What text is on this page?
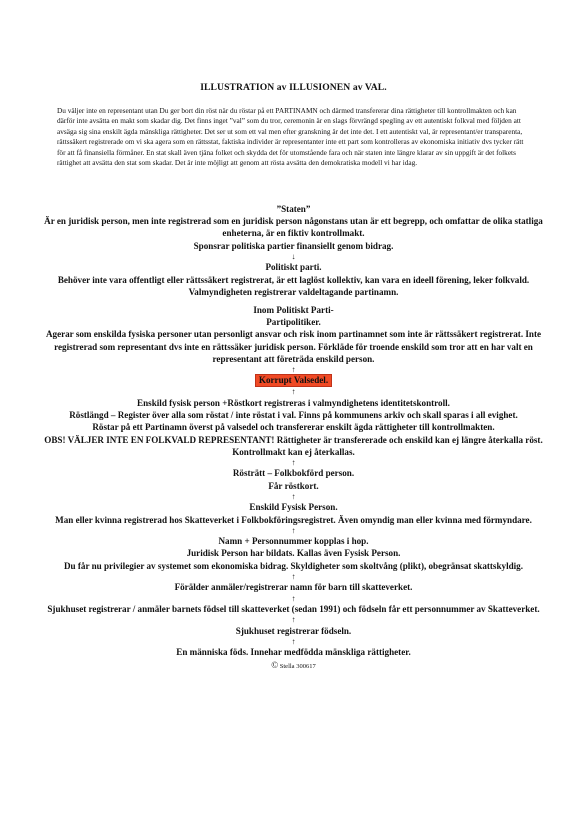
ILLUSTRATION av ILLUSIONEN av VAL.
Du väljer inte en representant utan Du ger bort din röst när du röstar på ett PARTINAMN och därmed transfererar dina rättigheter till kontrollmakten och kan därför inte avsätta en makt som skadar dig. Det finns inget ”val” som du tror, ceremonin är en slags förvrängd spegling av ett autentiskt folkval med följden att avsäga sig sina enskilt ägda mänskliga rättigheter. Det ser ut som ett val men efter granskning är det inte det. I ett autentiskt val, är representant/er transparenta, rättssäkert registrerade om vi ska agera som en rättsstat, faktiska individer är representanter inte ett part som kontrolleras av ekonomiska initiativ dvs tycker rätt för att få finansiella förmåner. En stat skall även tjäna folket och skydda det för utomstående fara och när staten inte längre klarar av sin uppgift är det folkets rättighet att avsätta den stat som skadar. Det är inte möjligt att genom att rösta avsätta den demokratiska modell vi har idag.

”Staten”

Är en juridisk person, men inte registrerad som en juridisk person någonstans utan är ett begrepp, och omfattar de olika statliga enheterna, är en fiktiv kontrollmakt.

Sponsrar politiska partier finansiellt genom bidrag.

↓

Politiskt parti.

Behöver inte vara offentligt eller rättssäkert registrerat, är ett laglöst kollektiv, kan vara en ideell förening, leker folkvald. Valmyndigheten registrerar valdeltagande partinamn.

Inom Politiskt Parti-

Partipolitiker.

Agerar som enskilda fysiska personer utan personligt ansvar och risk inom partinamnet som inte är rättssäkert registrerat. Inte registrerad som representant dvs inte en rättssäker juridisk person. Förkläde för troende enskild som tror att en har valt en representant att företräda enskild person.

↑

Korrupt Valsedel.

↑

Enskild fysisk person +Röstkort registreras i valmyndighetens identitetskontroll.

Röstlängd – Register över alla som röstat / inte röstat i val. Finns på kommunens arkiv och skall sparas i all evighet.

Röstar på ett Partinamn överst på valsedel och transfererar enskilt ägda rättigheter till kontrollmakten.

OBS! VÄLJER INTE EN FOLKVALD REPRESENTANT! Rättigheter är transfererade och enskild kan ej längre återkalla röst. Kontrollmakt kan ej återkallas.

↑

Rösträtt – Folkbokförd person.

Får röstkort.

↑

Enskild Fysisk Person.

Man eller kvinna registrerad hos Skatteverket i Folkbokföringsregistret. Även omyndig man eller kvinna med förmyndare.

↑

Namn + Personnummer kopplas i hop.

Juridisk Person har bildats. Kallas även Fysisk Person.

Du får nu privilegier av systemet som ekonomiska bidrag. Skyldigheter som skoltvång (plikt), obegränsat skattskyldig.

↑

Förälder anmäler/registrerar namn för barn till skatteverket.

↑

Sjukhuset registrerar / anmäler barnets födsel till skatteverket (sedan 1991) och födseln får ett personnummer av Skatteverket.

↑

Sjukhuset registrerar födseln.

↑

En människa föds. Innehar medfödda mänskliga rättigheter.

© Stella 300617
